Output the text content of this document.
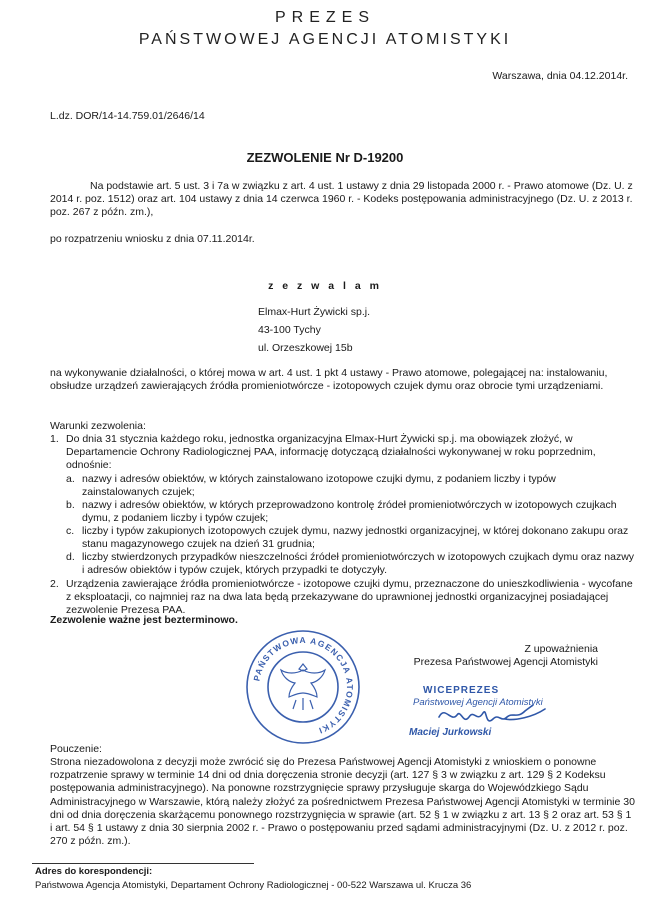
PREZES
PAŃSTWOWEJ AGENCJI ATOMISTYKI
Warszawa, dnia 04.12.2014r.
L.dz. DOR/14-14.759.01/2646/14
ZEZWOLENIE Nr D-19200
Na podstawie art. 5 ust. 3 i 7a w związku z art. 4 ust. 1 ustawy z dnia 29 listopada 2000 r. - Prawo atomowe (Dz. U. z 2014 r. poz. 1512) oraz art. 104 ustawy z dnia 14 czerwca 1960 r. - Kodeks postępowania administracyjnego (Dz. U. z 2013 r. poz. 267 z późn. zm.),
po rozpatrzeniu wniosku z dnia 07.11.2014r.
z e z w a l a m
Elmax-Hurt Żywicki sp.j.
43-100 Tychy
ul. Orzeszkowej 15b
na wykonywanie działalności, o której mowa w art. 4 ust. 1 pkt 4 ustawy - Prawo atomowe, polegającej na: instalowaniu, obsłudze urządzeń zawierających źródła promieniotwórcze - izotopowych czujek dymu oraz obrocie tymi urządzeniami.
Warunki zezwolenia:
1. Do dnia 31 stycznia każdego roku, jednostka organizacyjna Elmax-Hurt Żywicki sp.j. ma obowiązek złożyć, w Departamencie Ochrony Radiologicznej PAA, informację dotyczącą działalności wykonywanej w roku poprzednim, odnośnie:
a. nazwy i adresów obiektów, w których zainstalowano izotopowe czujki dymu, z podaniem liczby i typów zainstalowanych czujek;
b. nazwy i adresów obiektów, w których przeprowadzono kontrolę źródeł promieniotwórczych w izotopowych czujkach dymu, z podaniem liczby i typów czujek;
c. liczby i typów zakupionych izotopowych czujek dymu, nazwy jednostki organizacyjnej, w której dokonano zakupu oraz stanu magazynowego czujek na dzień 31 grudnia;
d. liczby stwierdzonych przypadków nieszczelności źródeł promieniotwórczych w izotopowych czujkach dymu oraz nazwy i adresów obiektów i typów czujek, których przypadki te dotyczyły.
2. Urządzenia zawierające źródła promieniotwórcze - izotopowe czujki dymu, przeznaczone do unieszkodliwienia - wycofane z eksploatacji, co najmniej raz na dwa lata będą przekazywane do uprawnionej jednostki organizacyjnej posiadającej zezwolenie Prezesa PAA.
Zezwolenie ważne jest bezterminowo.
Z upoważnienia
Prezesa Państwowej Agencji Atomistyki
PAŃSTWOWA AGENCJA ATOMISTYKI
WICEPREZES
Państwowej Agencji Atomistyki
Maciej Jurkowski
Pouczenie:
Strona niezadowolona z decyzji może zwrócić się do Prezesa Państwowej Agencji Atomistyki z wnioskiem o ponowne rozpatrzenie sprawy w terminie 14 dni od dnia doręczenia stronie decyzji (art. 127 § 3 w związku z art. 129 § 2 Kodeksu postępowania administracyjnego). Na ponowne rozstrzygnięcie sprawy przysługuje skarga do Wojewódzkiego Sądu Administracyjnego w Warszawie, którą należy złożyć za pośrednictwem Prezesa Państwowej Agencji Atomistyki w terminie 30 dni od dnia doręczenia skarżącemu ponownego rozstrzygnięcia w sprawie (art. 52 § 1 w związku z art. 13 § 2 oraz art. 53 § 1 i art. 54 § 1 ustawy z dnia 30 sierpnia 2002 r. - Prawo o postępowaniu przed sądami administracyjnymi (Dz. U. z 2012 r. poz. 270 z późn. zm.).
Adres do korespondencji:
Państwowa Agencja Atomistyki, Departament Ochrony Radiologicznej - 00-522 Warszawa ul. Krucza 36
